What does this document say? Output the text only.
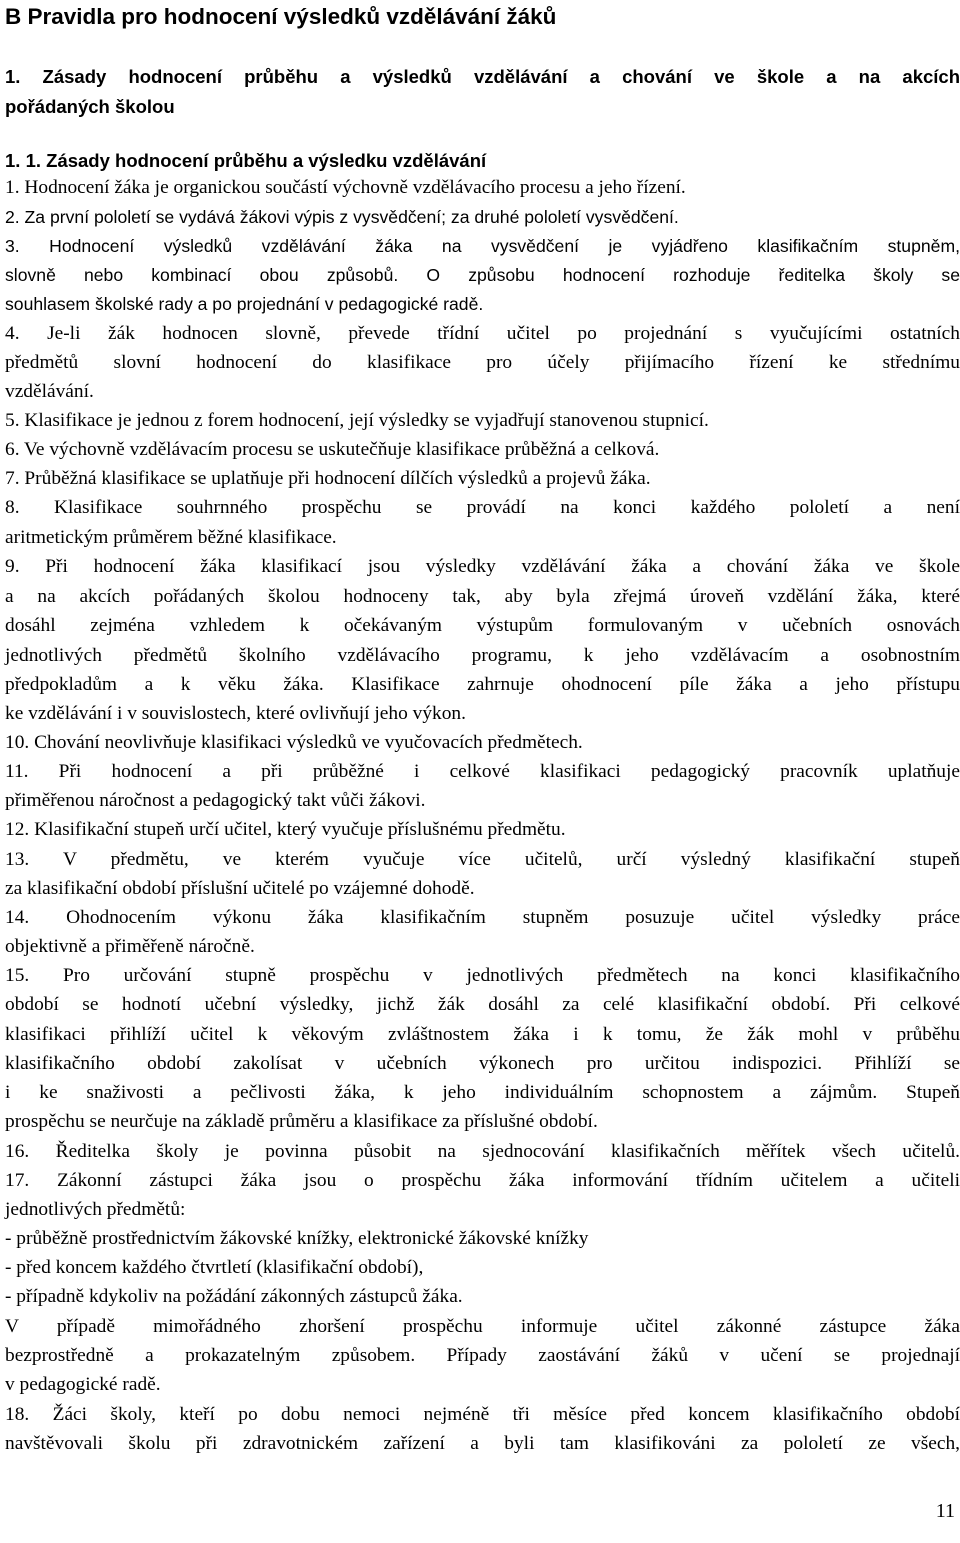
B Pravidla pro hodnocení výsledků vzdělávání žáků
1. Zásady hodnocení průběhu a výsledků vzdělávání a chování ve škole a na akcích
pořádaných školou
1. 1. Zásady hodnocení průběhu a výsledku vzdělávání
1. Hodnocení žáka je organickou součástí výchovně vzdělávacího procesu a jeho řízení.
2. Za první pololetí se vydává žákovi výpis z vysvědčení; za druhé pololetí vysvědčení.
3. Hodnocení výsledků vzdělávání žáka na vysvědčení je vyjádřeno klasifikačním stupněm,
slovně nebo kombinací obou způsobů. O způsobu hodnocení rozhoduje ředitelka školy se
souhlasem školské rady a po projednání v pedagogické radě.
4. Je-li žák hodnocen slovně, převede třídní učitel po projednání s vyučujícími ostatních
předmětů slovní hodnocení do klasifikace pro účely přijímacího řízení ke střednímu
vzdělávání.
5. Klasifikace je jednou z forem hodnocení, její výsledky se vyjadřují stanovenou stupnicí.
6. Ve výchovně vzdělávacím procesu se uskutečňuje klasifikace průběžná a celková.
7. Průběžná klasifikace se uplatňuje při hodnocení dílčích výsledků a projevů žáka.
8. Klasifikace souhrnného prospěchu se provádí na konci každého pololetí a není
aritmetickým průměrem běžné klasifikace.
9. Při hodnocení žáka klasifikací jsou výsledky vzdělávání žáka a chování žáka ve škole
a na akcích pořádaných školou hodnoceny tak, aby byla zřejmá úroveň vzdělání žáka, které
dosáhl zejména vzhledem k očekávaným výstupům formulovaným v učebních osnovách
jednotlivých předmětů školního vzdělávacího programu, k jeho vzdělávacím a osobnostním
předpokladům a k věku žáka. Klasifikace zahrnuje ohodnocení píle žáka a jeho přístupu
ke vzdělávání i v souvislostech, které ovlivňují jeho výkon.
10. Chování neovlivňuje klasifikaci výsledků ve vyučovacích předmětech.
11. Při hodnocení a při průběžné i celkové klasifikaci pedagogický pracovník uplatňuje
přiměřenou náročnost a pedagogický takt vůči žákovi.
12. Klasifikační stupeň určí učitel, který vyučuje příslušnému předmětu.
13. V předmětu, ve kterém vyučuje více učitelů, určí výsledný klasifikační stupeň
za klasifikační období příslušní učitelé po vzájemné dohodě.
14. Ohodnocením výkonu žáka klasifikačním stupněm posuzuje učitel výsledky práce
objektivně a přiměřeně náročně.
15. Pro určování stupně prospěchu v jednotlivých předmětech na konci klasifikačního
období se hodnotí učební výsledky, jichž žák dosáhl za celé klasifikační období. Při celkové
klasifikaci přihlíží učitel k věkovým zvláštnostem žáka i k tomu, že žák mohl v průběhu
klasifikačního období zakolísat v učebních výkonech pro určitou indispozici. Přihlíží se
i ke snaživosti a pečlivosti žáka, k jeho individuálním schopnostem a zájmům. Stupeň
prospěchu se neurčuje na základě průměru a klasifikace za příslušné období.
16. Ředitelka školy je povinna působit na sjednocování klasifikačních měřítek všech učitelů.
17. Zákonní zástupci žáka jsou o prospěchu žáka informování třídním učitelem a učiteli
jednotlivých předmětů:
- průběžně prostřednictvím žákovské knížky, elektronické žákovské knížky
- před koncem každého čtvrtletí (klasifikační období),
- případně kdykoliv na požádání zákonných zástupců žáka.
V případě mimořádného zhoršení prospěchu informuje učitel zákonné zástupce žáka
bezprostředně a prokazatelným způsobem. Případy zaostávání žáků v učení se projednají
v pedagogické radě.
18. Žáci školy, kteří po dobu nemoci nejméně tři měsíce před koncem klasifikačního období
navštěvovali školu při zdravotnickém zařízení a byli tam klasifikováni za pololetí ze všech,
11
